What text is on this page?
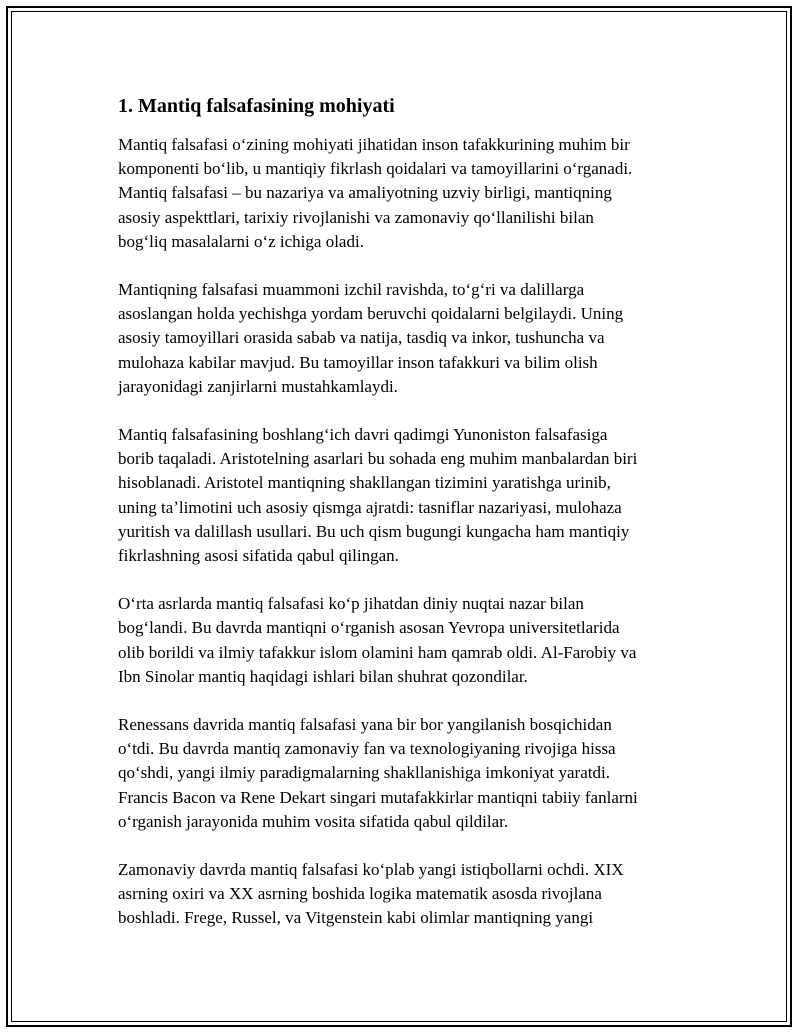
1. Mantiq falsafasining mohiyati

Mantiq falsafasi oʻzining mohiyati jihatidan inson tafakkurining muhim bir
komponenti boʻlib, u mantiqiy fikrlash qoidalari va tamoyillarini oʻrganadi.
Mantiq falsafasi – bu nazariya va amaliyotning uzviy birligi, mantiqning
asosiy aspekttlari, tarixiy rivojlanishi va zamonaviy qoʻllanilishi bilan
bogʻliq masalalarni oʻz ichiga oladi.

Mantiqning falsafasi muammoni izchil ravishda, toʻgʻri va dalillarga
asoslangan holda yechishga yordam beruvchi qoidalarni belgilaydi. Uning
asosiy tamoyillari orasida sabab va natija, tasdiq va inkor, tushuncha va
mulohaza kabilar mavjud. Bu tamoyillar inson tafakkuri va bilim olish
jarayonidagi zanjirlarni mustahkamlaydi.

Mantiq falsafasining boshlangʻich davri qadimgi Yunoniston falsafasiga
borib taqaladi. Aristotelning asarlari bu sohada eng muhim manbalardan biri
hisoblanadi. Aristotel mantiqning shakllangan tizimini yaratishga urinib,
uning taʼlimotini uch asosiy qismga ajratdi: tasniflar nazariyasi, mulohaza
yuritish va dalillash usullari. Bu uch qism bugungi kungacha ham mantiqiy
fikrlashning asosi sifatida qabul qilingan.

Oʻrta asrlarda mantiq falsafasi koʻp jihatdan diniy nuqtai nazar bilan
bogʻlandi. Bu davrda mantiqni oʻrganish asosan Yevropa universitetlarida
olib borildi va ilmiy tafakkur islom olamini ham qamrab oldi. Al-Farobiy va
Ibn Sinolar mantiq haqidagi ishlari bilan shuhrat qozondilar.

Renessans davrida mantiq falsafasi yana bir bor yangilanish bosqichidan
oʻtdi. Bu davrda mantiq zamonaviy fan va texnologiyaning rivojiga hissa
qoʻshdi, yangi ilmiy paradigmalarning shakllanishiga imkoniyat yaratdi.
Francis Bacon va Rene Dekart singari mutafakkirlar mantiqni tabiiy fanlarni
oʻrganish jarayonida muhim vosita sifatida qabul qildilar.

Zamonaviy davrda mantiq falsafasi koʻplab yangi istiqbollarni ochdi. XIX
asrning oxiri va XX asrning boshida logika matematik asosda rivojlana
boshladi. Frege, Russel, va Vitgenstein kabi olimlar mantiqning yangi
